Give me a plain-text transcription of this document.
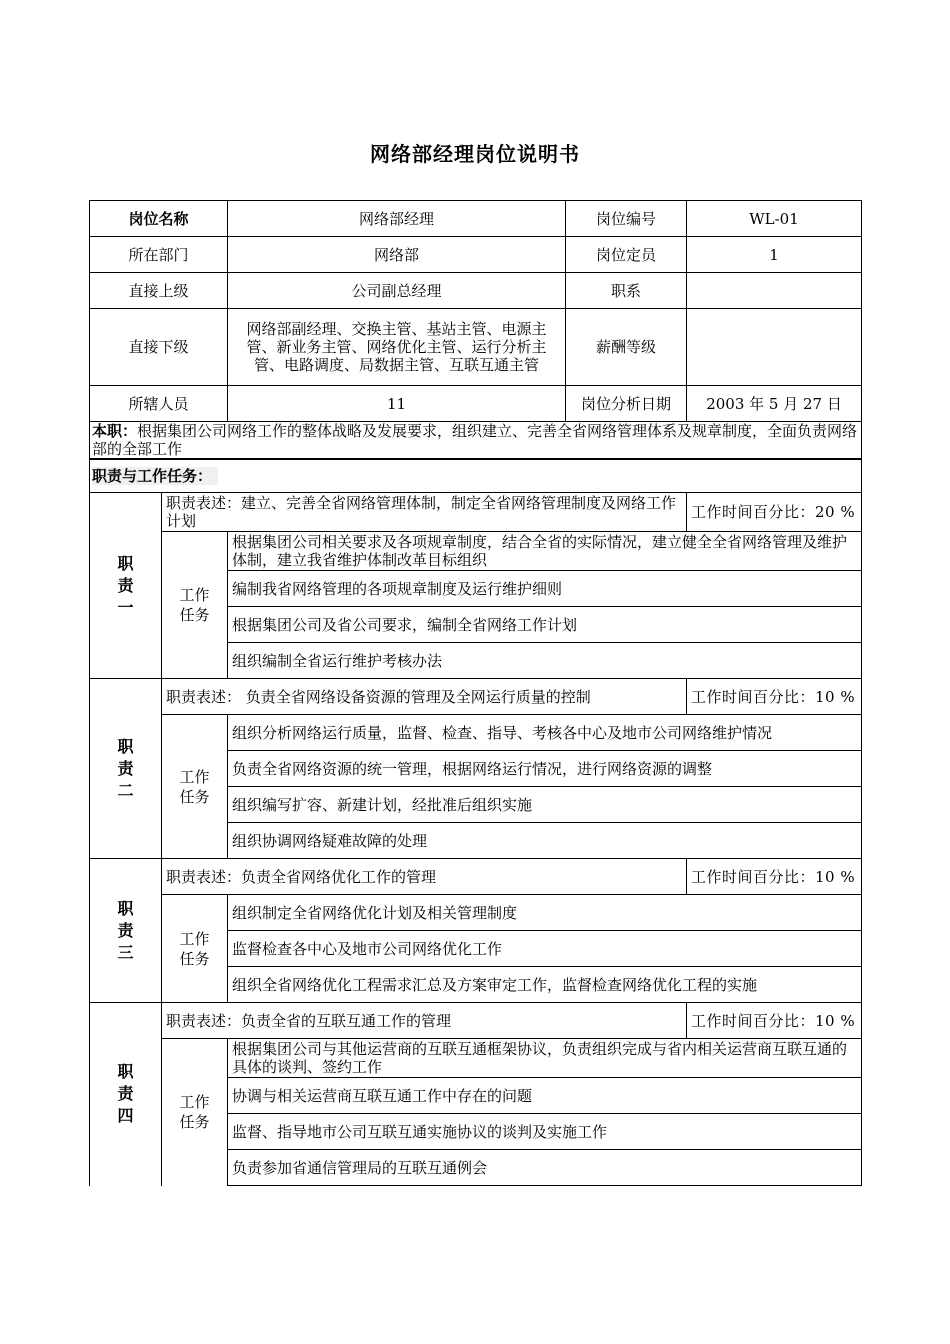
网络部经理岗位说明书
岗位名称		网络部经理	岗位编号	WL-01
所在部门		网络部	岗位定员	1
直接上级		公司副总经理	职系	
直接下级		网络部副经理、交换主管、基站主管、电源主管、新业务主管、网络优化主管、运行分析主管、电路调度、局数据主管、互联互通主管	薪酬等级	
所辖人员		11	岗位分析日期	2003 年 5 月 27 日
本职：根据集团公司网络工作的整体战略及发展要求，组织建立、完善全省网络管理体系及规章制度，全面负责网络部的全部工作				
职责与工作任务：				

职
责
一	职责表述：建立、完善全省网络管理体制，制定全省网络管理制度及网络工作计划			工作时间百分比：20 %

	工作
任务	根据集团公司相关要求及各项规章制度，结合全省的实际情况，建立健全全省网络管理及维护体制，建立我省维护体制改革目标组织		
		编制我省网络管理的各项规章制度及运行维护细则		
		根据集团公司及省公司要求，编制全省网络工作计划		
		组织编制全省运行维护考核办法		

职
责
二	职责表述： 负责全省网络设备资源的管理及全网运行质量的控制			工作时间百分比：10 %

	工作
任务	组织分析网络运行质量，监督、检查、指导、考核各中心及地市公司网络维护情况		
		负责全省网络资源的统一管理，根据网络运行情况，进行网络资源的调整		
		组织编写扩容、新建计划，经批准后组织实施		
		组织协调网络疑难故障的处理		

职
责
三	职责表述：负责全省网络优化工作的管理			工作时间百分比：10 %

	工作
任务	组织制定全省网络优化计划及相关管理制度		
		监督检查各中心及地市公司网络优化工作		
		组织全省网络优化工程需求汇总及方案审定工作，监督检查网络优化工程的实施		

职
责
四	职责表述：负责全省的互联互通工作的管理			工作时间百分比：10 %

	工作
任务	根据集团公司与其他运营商的互联互通框架协议，负责组织完成与省内相关运营商互联互通的具体的谈判、签约工作		
		协调与相关运营商互联互通工作中存在的问题		
		监督、指导地市公司互联互通实施协议的谈判及实施工作		
		负责参加省通信管理局的互联互通例会		
